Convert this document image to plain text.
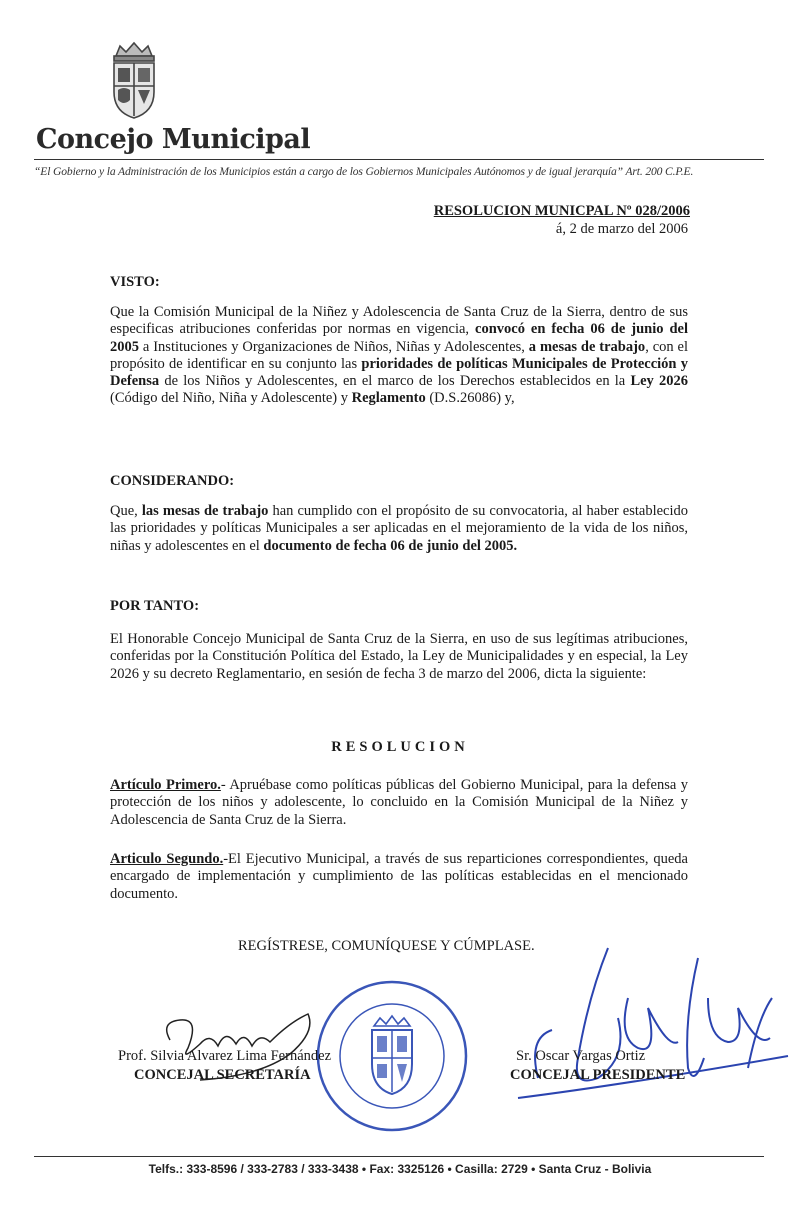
Concejo Municipal
“El Gobierno y la Administración de los Municipios están a cargo de los Gobiernos Municipales Autónomos y de igual jerarquía” Art. 200 C.P.E.
RESOLUCION MUNICPAL Nº 028/2006
á, 2 de marzo del 2006
VISTO:

Que la Comisión Municipal de la Niñez y Adolescencia de Santa Cruz de la Sierra, dentro de sus especificas atribuciones conferidas por normas en vigencia, convocó en fecha 06 de junio del 2005 a Instituciones y Organizaciones de Niños, Niñas y Adolescentes, a mesas de trabajo, con el propósito de identificar en su conjunto las prioridades de políticas Municipales de Protección y Defensa de los Niños y Adolescentes, en el marco de los Derechos establecidos en la Ley 2026 (Código del Niño, Niña y Adolescente) y Reglamento (D.S.26086) y,

CONSIDERANDO:

Que, las mesas de trabajo han cumplido con el propósito de su convocatoria, al haber establecido las prioridades y políticas Municipales a ser aplicadas en el mejoramiento de la vida de los niños, niñas y adolescentes en el documento de fecha 06 de junio del 2005.

POR TANTO:

El Honorable Concejo Municipal de Santa Cruz de la Sierra, en uso de sus legítimas atribuciones, conferidas por la Constitución Política del Estado, la Ley de Municipalidades y en especial, la Ley 2026 y su decreto Reglamentario, en sesión de fecha 3 de marzo del 2006, dicta la siguiente:

RESOLUCION

Artículo Primero.- Apruébase como políticas públicas del Gobierno Municipal, para la defensa y protección de los niños y adolescente, lo concluido en la Comisión Municipal de la Niñez y Adolescencia de Santa Cruz de la Sierra.

Articulo Segundo.-El Ejecutivo Municipal, a través de sus reparticiones correspondientes, queda encargado de implementación y cumplimiento de las políticas establecidas en el mencionado documento.

REGÍSTRESE, COMUNÍQUESE Y CÚMPLASE.
Prof. Silvia Alvarez Lima Fernández
CONCEJAL SECRETARÍA
Sr. Oscar Vargas Ortiz
CONCEJAL PRESIDENTE
Telfs.: 333-8596 / 333-2783 / 333-3438 • Fax: 3325126 • Casilla: 2729 • Santa Cruz - Bolivia
